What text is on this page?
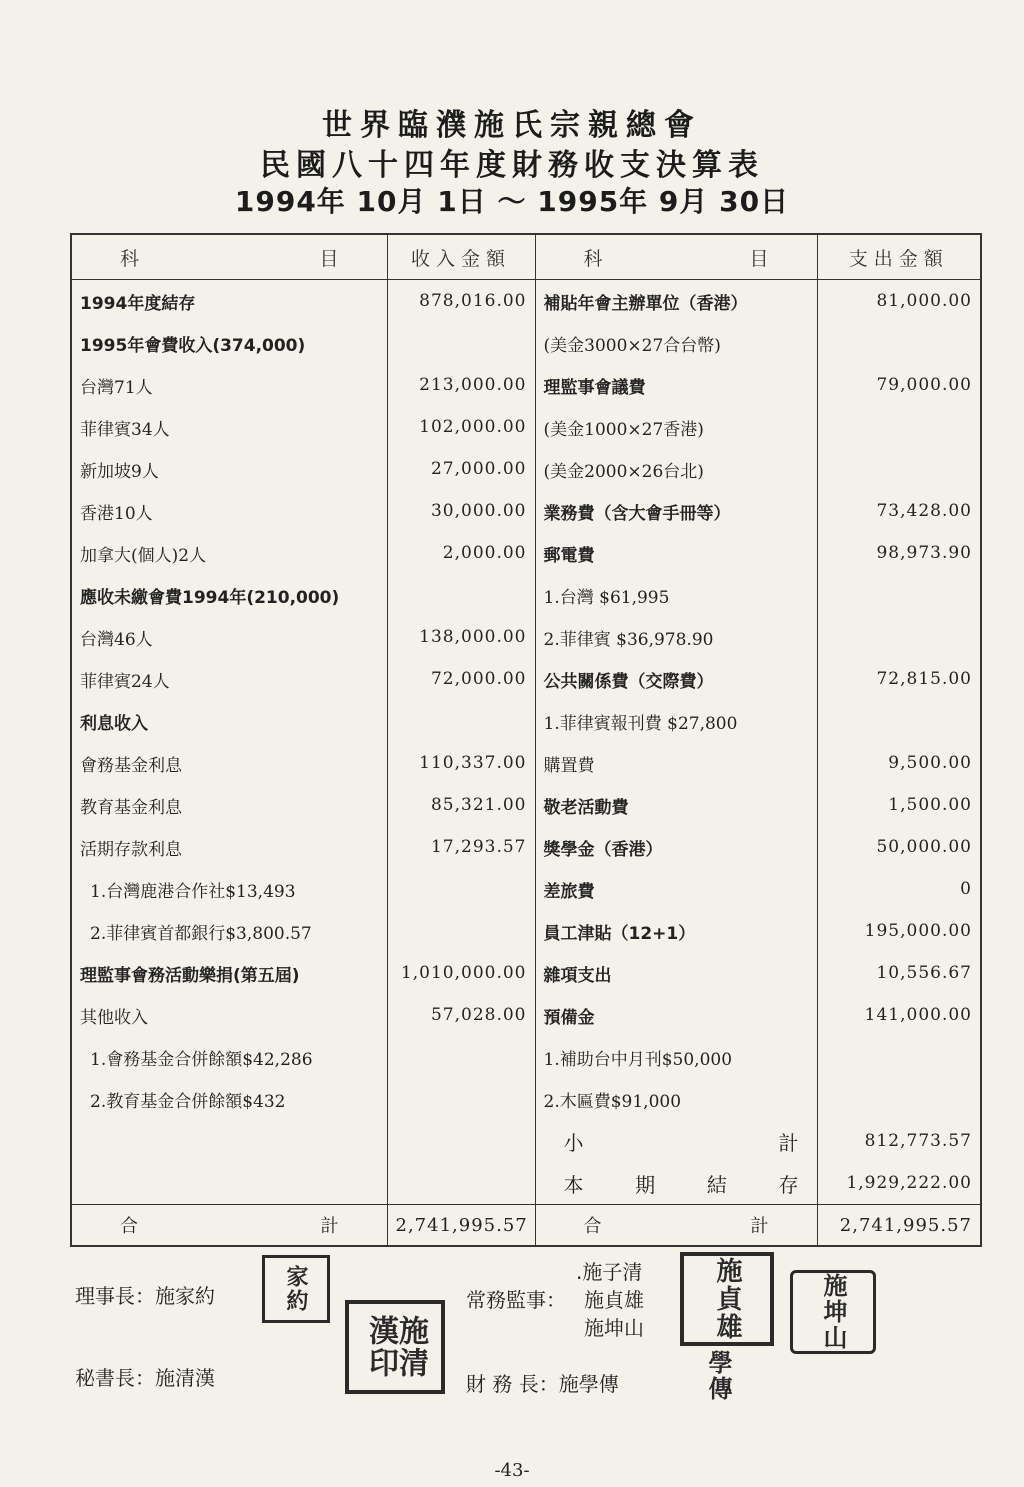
世界臨濮施氏宗親總會
民國八十四年度財務收支決算表
1994年 10月 1日 ～ 1995年 9月 30日
科 目	收入金額	科 目	支出金額
1994年度結存	878,016.00	補貼年會主辦單位（香港）	81,000.00
1995年會費收入(374,000)		(美金3000×27合台幣)	
台灣71人	213,000.00	理監事會議費	79,000.00
菲律賓34人	102,000.00	(美金1000×27香港)	
新加坡9人	27,000.00	(美金2000×26台北)	
香港10人	30,000.00	業務費（含大會手冊等）	73,428.00
加拿大(個人)2人	2,000.00	郵電費	98,973.90
應收未繳會費1994年(210,000)		1.台灣 $61,995	
台灣46人	138,000.00	2.菲律賓 $36,978.90	
菲律賓24人	72,000.00	公共關係費（交際費）	72,815.00
利息收入		1.菲律賓報刊費 $27,800	
會務基金利息	110,337.00	購置費	9,500.00
教育基金利息	85,321.00	敬老活動費	1,500.00
活期存款利息	17,293.57	獎學金（香港）	50,000.00
1.台灣鹿港合作社$13,493		差旅費	0
2.菲律賓首都銀行$3,800.57		員工津貼（12+1）	195,000.00
理監事會務活動樂捐(第五屆)	1,010,000.00	雜項支出	10,556.67
其他收入	57,028.00	預備金	141,000.00
1.會務基金合併餘額$42,286		1.補助台中月刊$50,000	
2.教育基金合併餘額$432		2.木匾費$91,000	

		小 計	812,773.57

		本 期 結 存	1,929,222.00

合 計	2,741,995.57	合 計	2,741,995.57
理事長：施家約	家約
施清漢印
秘書長：施清漢
.施子清
常務監事： 施貞雄
施坤山	施貞雄	施坤山
財 務 長：施學傳	學傳
-43-
